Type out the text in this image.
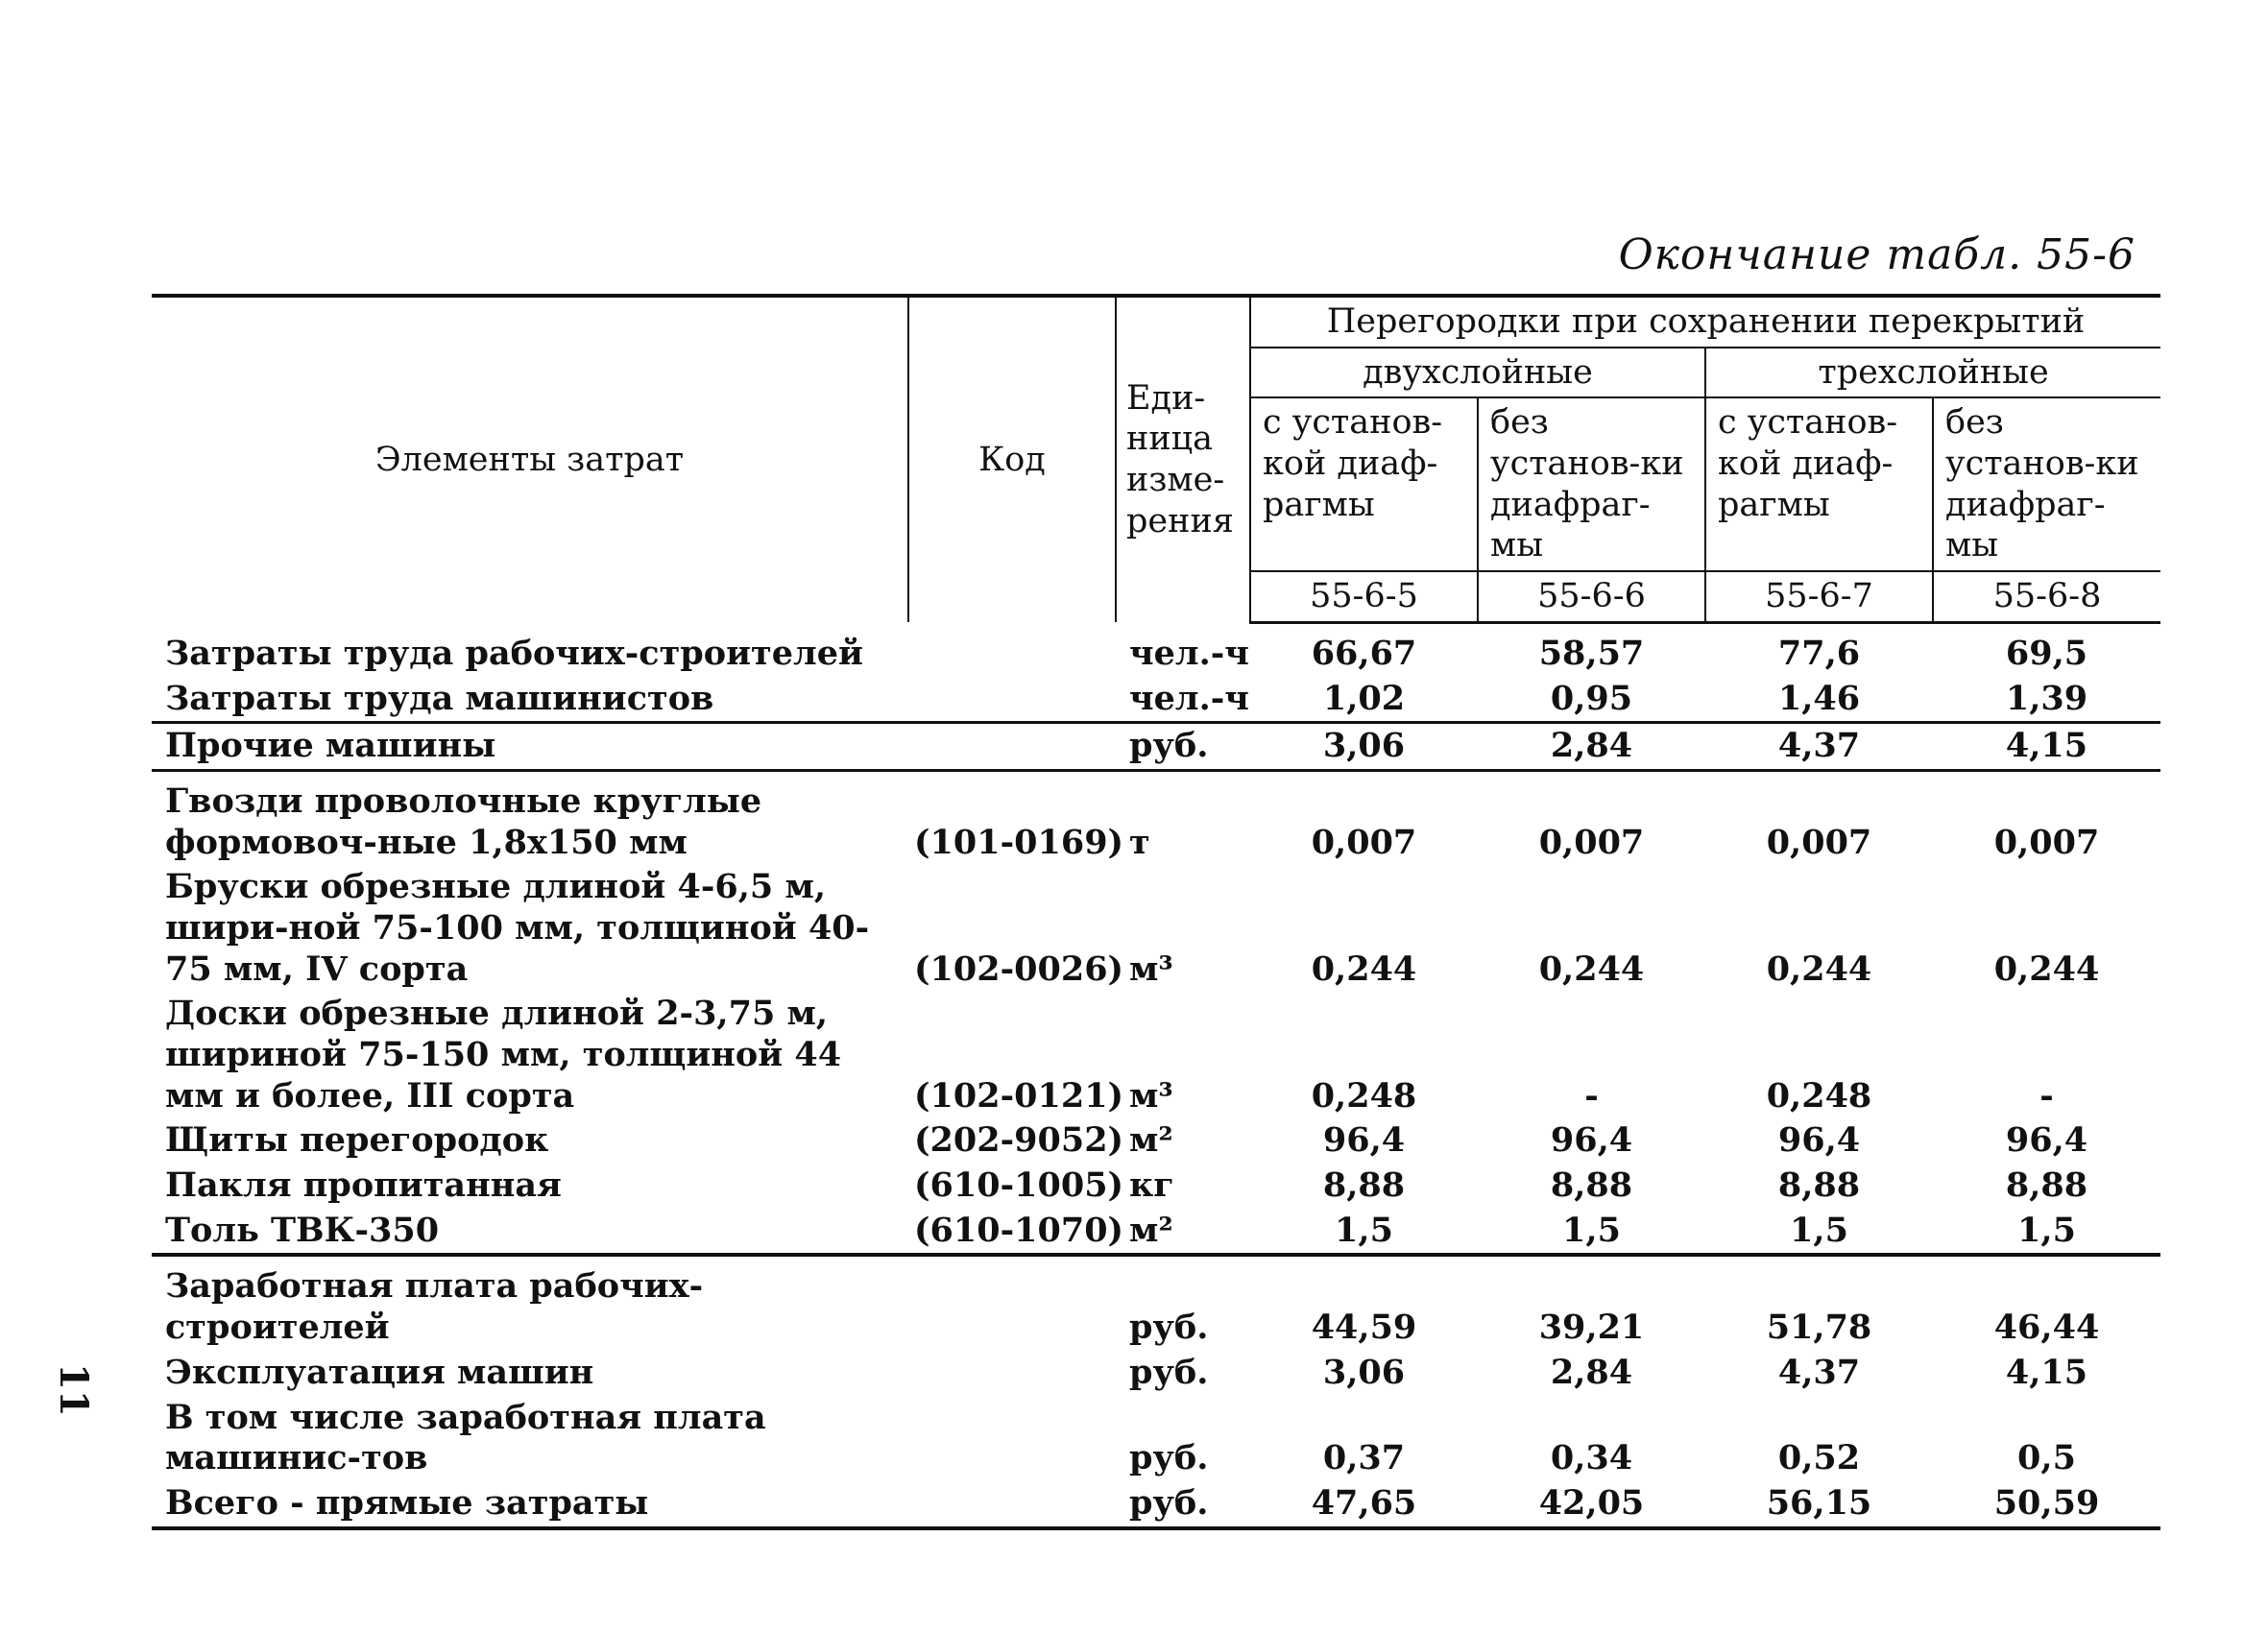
Окончание табл. 55-6
11
Элементы затрат	Код	Еди-ница изме-рения	Перегородки при сохранении перекрытий			
			двухслойные		трехслойные	
			с установ-кой диаф-рагмы	без установ-ки диафраг-мы	с установ-кой диаф-рагмы	без установ-ки диафраг-мы
			55-6-5	55-6-6	55-6-7	55-6-8
Затраты труда рабочих-строителей		чел.-ч	66,67	58,57	77,6	69,5
Затраты труда машинистов		чел.-ч	1,02	0,95	1,46	1,39
Прочие машины		руб.	3,06	2,84	4,37	4,15
Гвозди проволочные круглые формовоч-ные 1,8х150 мм	(101-0169)	т	0,007	0,007	0,007	0,007
Бруски обрезные длиной 4-6,5 м, шири-ной 75-100 мм, толщиной 40-75 мм, IV сорта	(102-0026)	м³	0,244	0,244	0,244	0,244
Доски обрезные длиной 2-3,75 м, шириной 75-150 мм, толщиной 44 мм и более, III сорта	(102-0121)	м³	0,248	-	0,248	-
Щиты перегородок	(202-9052)	м²	96,4	96,4	96,4	96,4
Пакля пропитанная	(610-1005)	кг	8,88	8,88	8,88	8,88
Толь ТВК-350	(610-1070)	м²	1,5	1,5	1,5	1,5
Заработная плата рабочих-строителей		руб.	44,59	39,21	51,78	46,44
Эксплуатация машин		руб.	3,06	2,84	4,37	4,15
В том числе заработная плата машинис-тов		руб.	0,37	0,34	0,52	0,5
Всего - прямые затраты		руб.	47,65	42,05	56,15	50,59
